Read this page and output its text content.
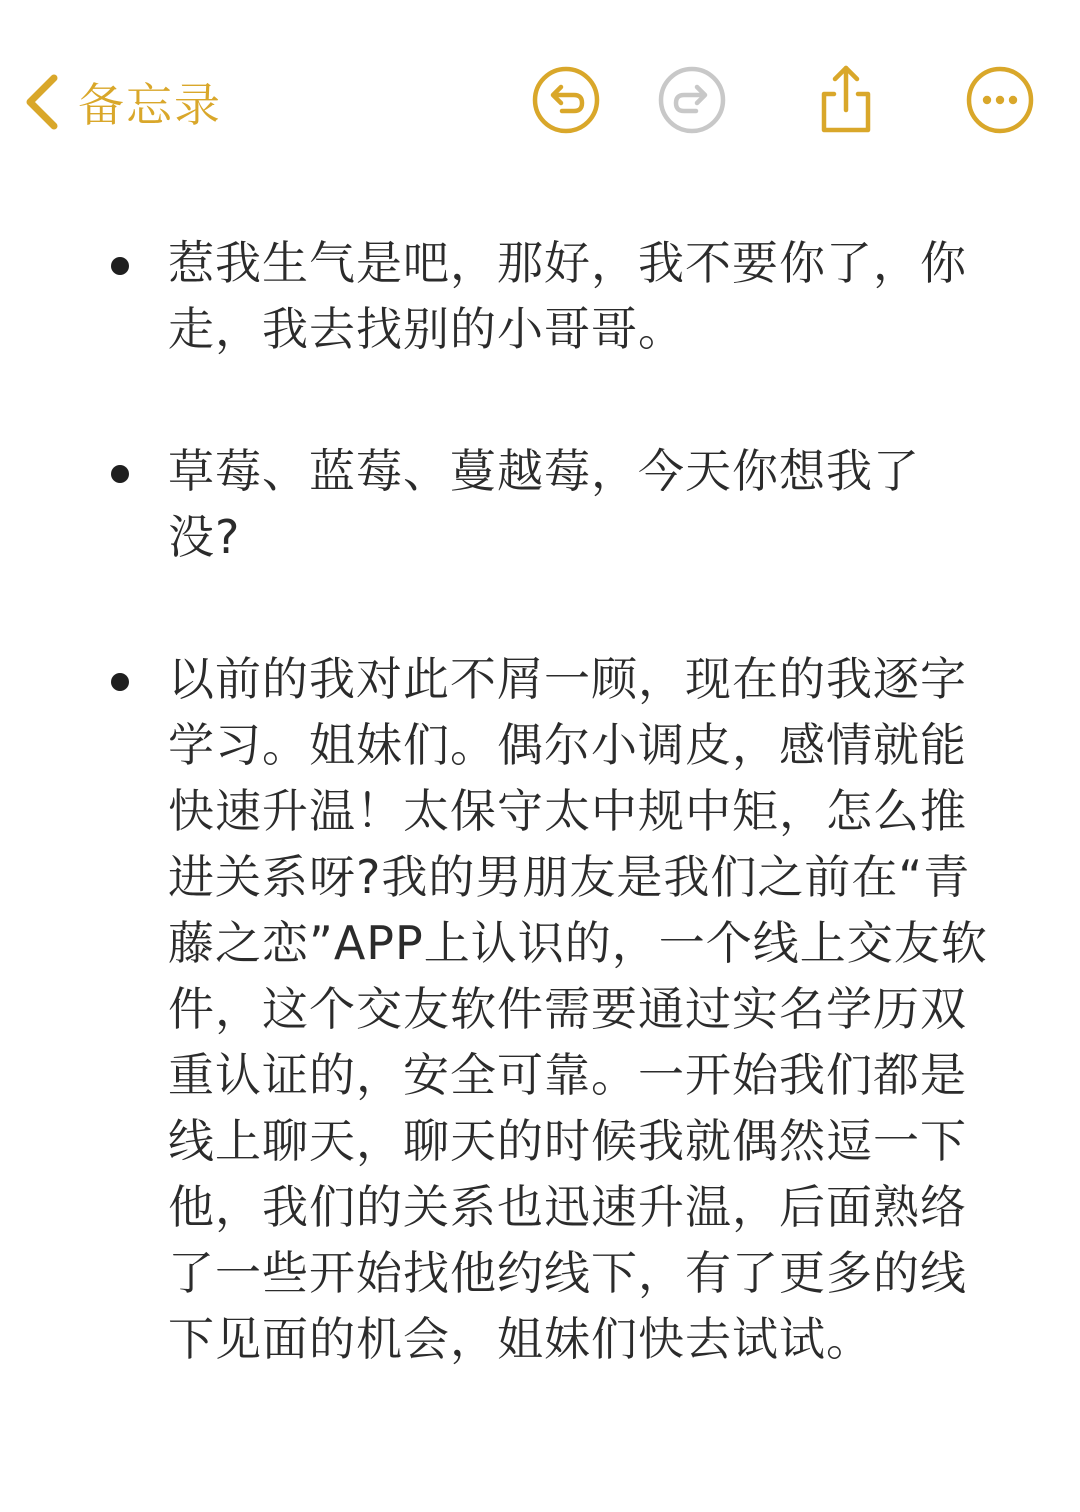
备忘录
惹我生气是吧，那好，我不要你了，你走，我去找别的小哥哥。
草莓、蓝莓、蔓越莓，今天你想我了没?
以前的我对此不屑一顾，现在的我逐字学习。姐妹们。偶尔小调皮，感情就能快速升温！太保守太中规中矩，怎么推进关系呀?我的男朋友是我们之前在“青藤之恋”APP上认识的，一个线上交友软件，这个交友软件需要通过实名学历双重认证的，安全可靠。一开始我们都是线上聊天，聊天的时候我就偶然逗一下他，我们的关系也迅速升温，后面熟络了一些开始找他约线下，有了更多的线下见面的机会，姐妹们快去试试。
